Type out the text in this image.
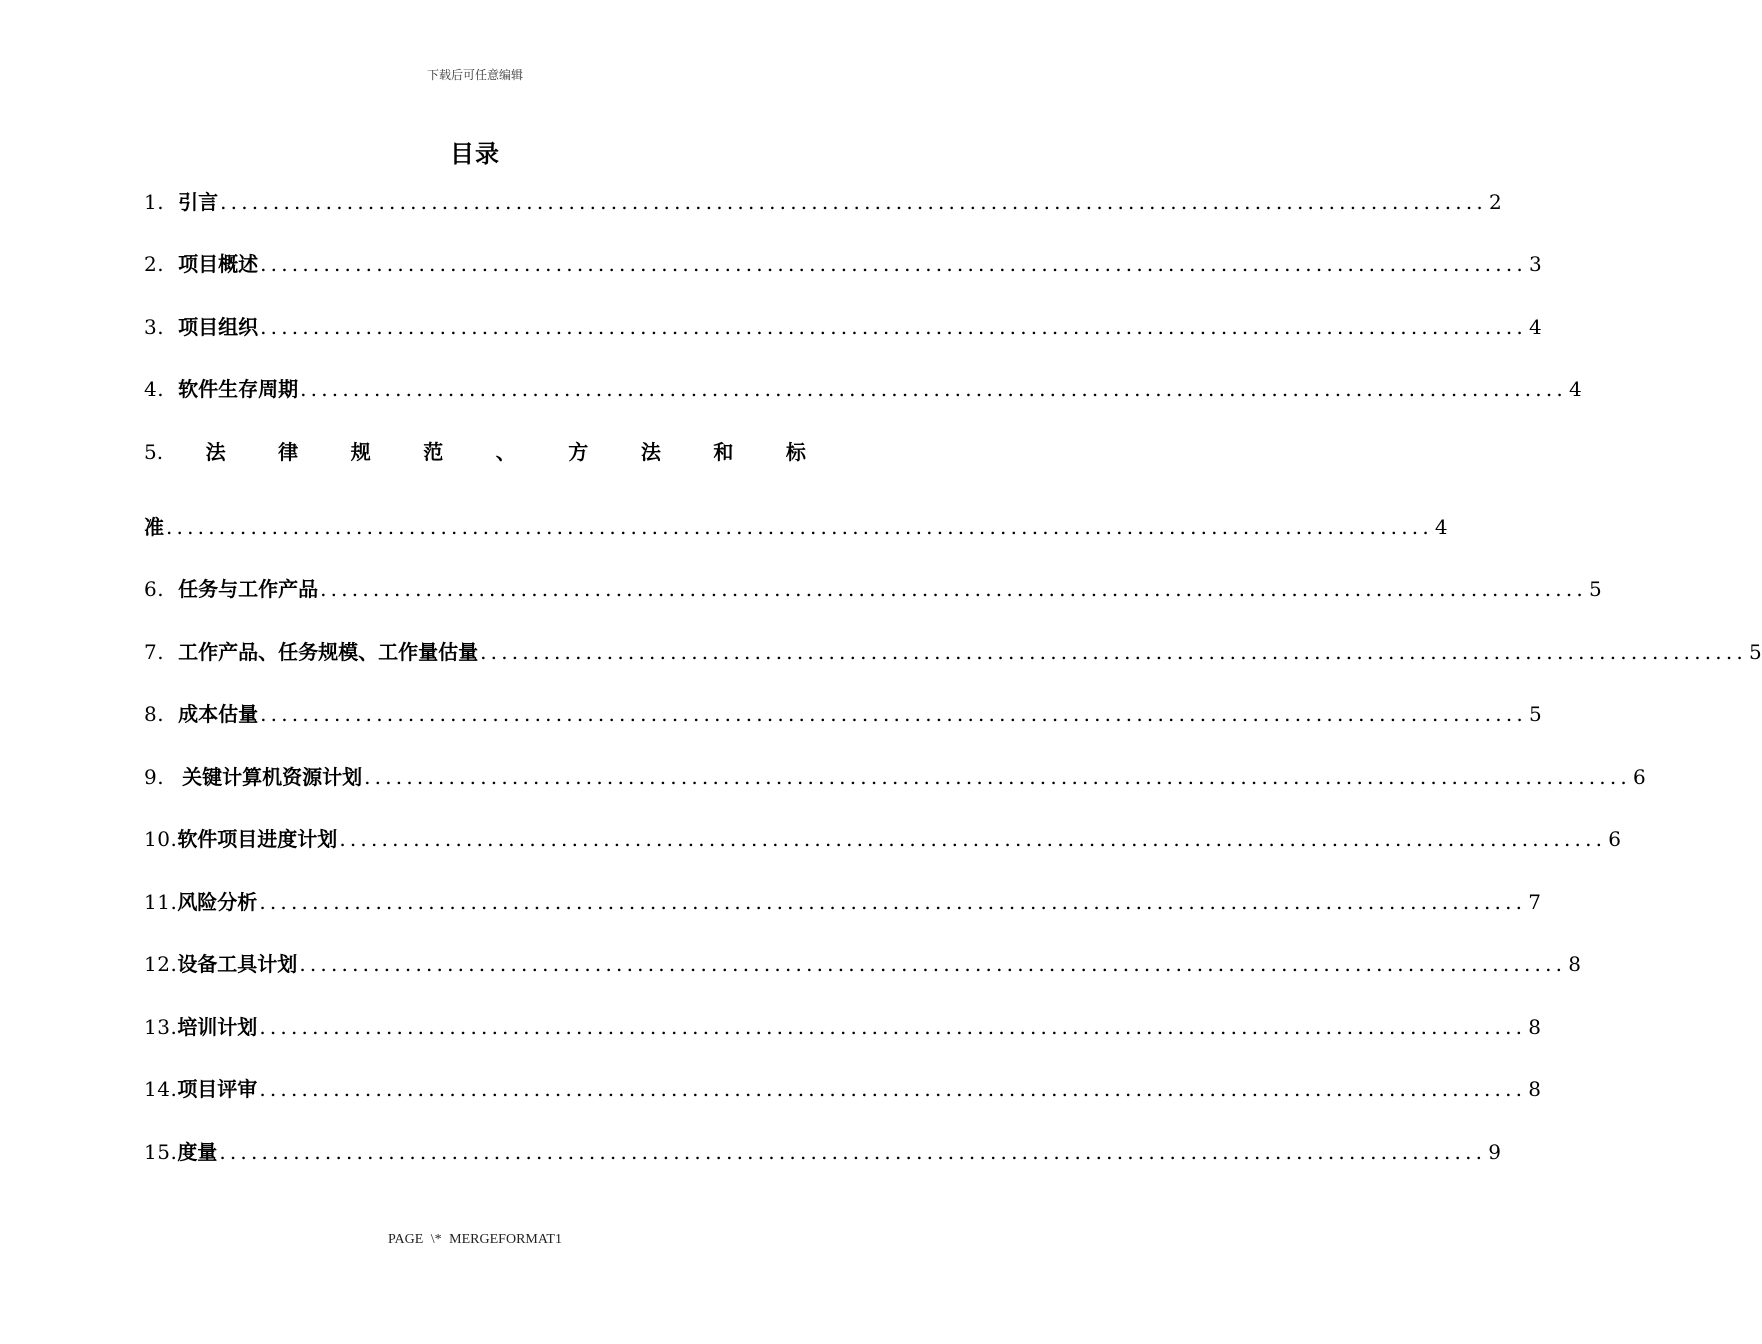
下载后可任意编辑
目录
1. 引言 ........................................................................................................................ 2
2. 项目概述 ........................................................................................................................ 3
3. 项目组织 ........................................................................................................................ 4
4. 软件生存周期 ........................................................................................................................ 4
5. 法	律	规	范	、	方	法	和	标
准 ........................................................................................................................ 4
6. 任务与工作产品 ........................................................................................................................ 5
7. 工作产品、任务规模、工作量估量 ........................................................................................................................ 5
8. 成本估量 ........................................................................................................................ 5
9. 关键计算机资源计划 ........................................................................................................................ 6
10. 软件项目进度计划 ........................................................................................................................ 6
11. 风险分析 ........................................................................................................................ 7
12. 设备工具计划 ........................................................................................................................ 8
13. 培训计划 ........................................................................................................................ 8
14. 项目评审 ........................................................................................................................ 8
15. 度量 ........................................................................................................................ 9
PAGE \* MERGEFORMAT1
